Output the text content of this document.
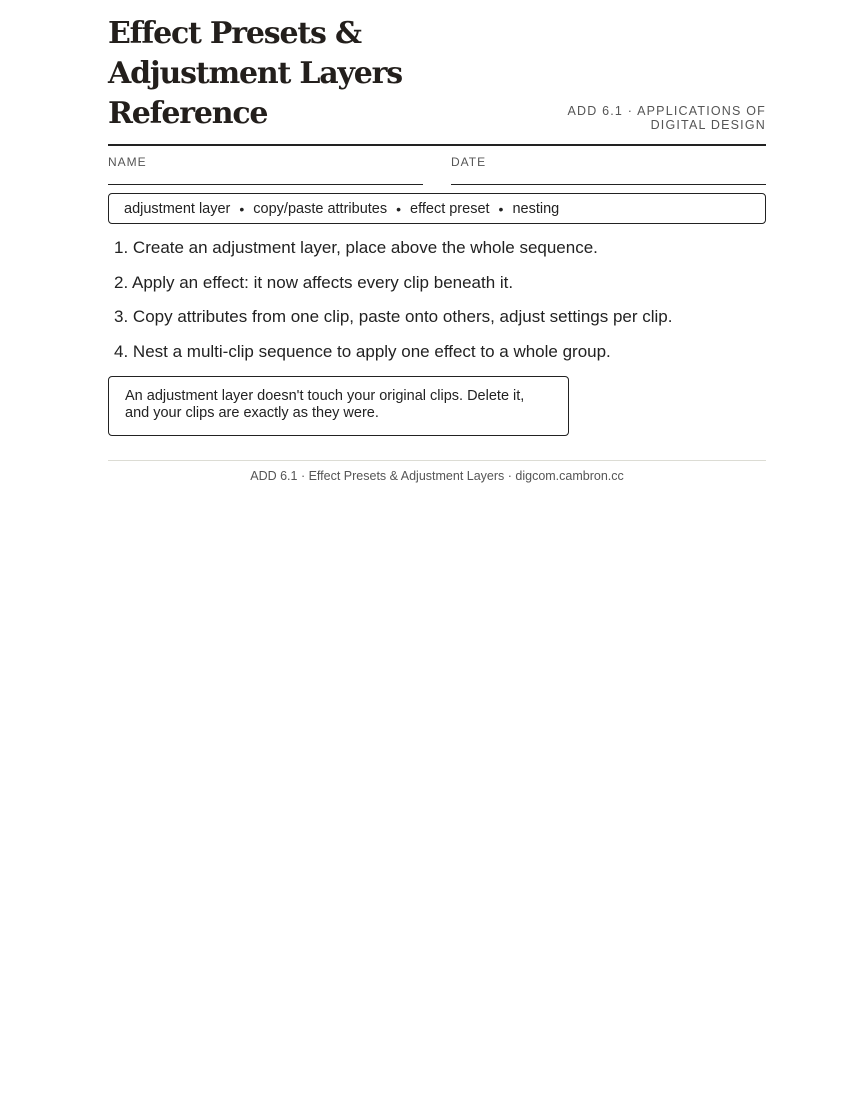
Effect Presets & Adjustment Layers
Reference	ADD 6.1 · APPLICATIONS OF
DIGITAL DESIGN
NAME	DATE
adjustment layer • copy/paste attributes • effect preset • nesting
1. Create an adjustment layer, place above the whole sequence.
2. Apply an effect: it now affects every clip beneath it.
3. Copy attributes from one clip, paste onto others, adjust settings per clip.
4. Nest a multi-clip sequence to apply one effect to a whole group.
An adjustment layer doesn't touch your original clips. Delete it, and your clips are exactly as they were.
ADD 6.1 · Effect Presets & Adjustment Layers · digcom.cambron.cc
